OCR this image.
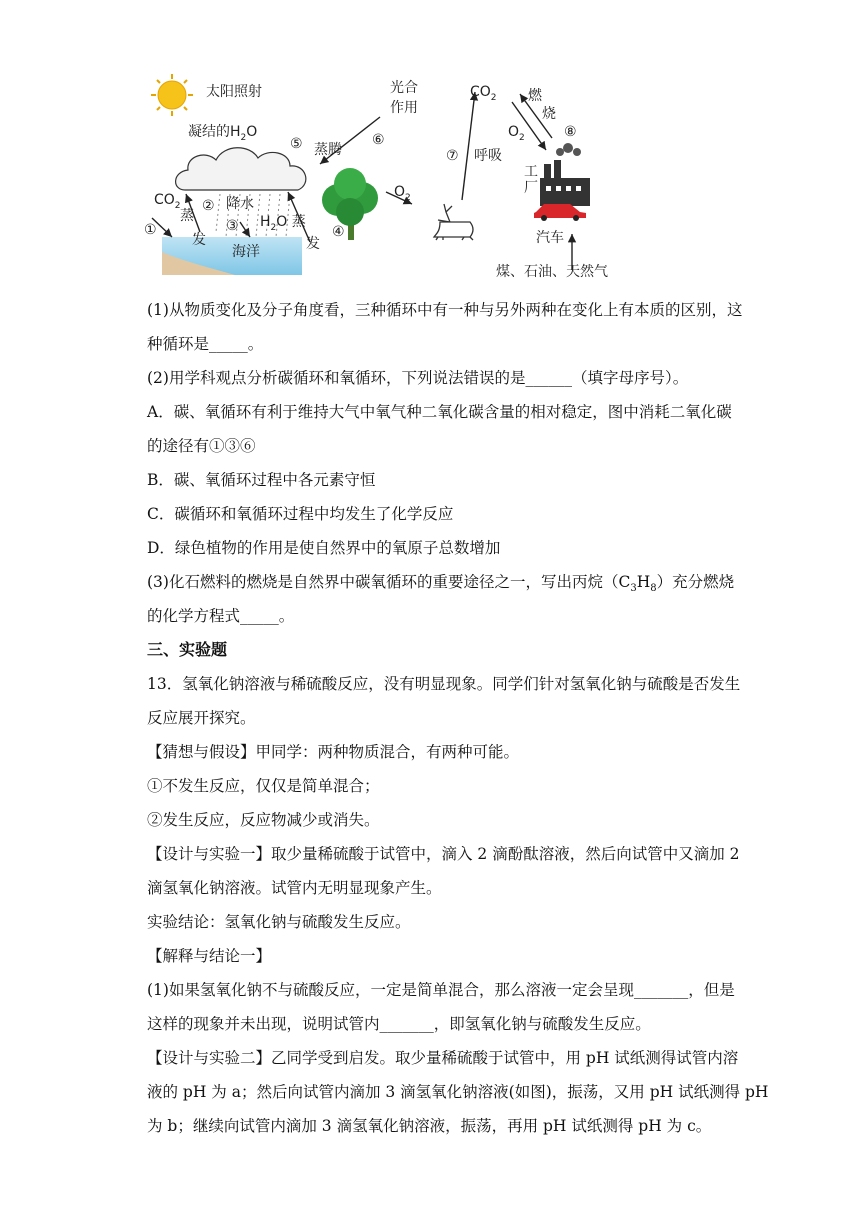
太阳照射
凝结的$H_2O$
⑤ 蒸腾
光合
作用
⑥
$CO_2$ 燃
烧
$O_2$	⑧
⑦ 呼吸
工
厂
$O_2$
汽车
煤、石油、天然气
$CO_2$
蒸
发
② 降水
③ $H_2O$ 蒸
发
④
①
海洋
(1)从物质变化及分子角度看，三种循环中有一种与另外两种在变化上有本质的区别，这
种循环是_____。
(2)用学科观点分析碳循环和氧循环，下列说法错误的是______（填字母序号）。
A．碳、氧循环有利于维持大气中氧气种二氧化碳含量的相对稳定，图中消耗二氧化碳
的途径有①③⑥
B．碳、氧循环过程中各元素守恒
C．碳循环和氧循环过程中均发生了化学反应
D．绿色植物的作用是使自然界中的氧原子总数增加
(3)化石燃料的燃烧是自然界中碳氧循环的重要途径之一，写出丙烷$(C_3H_8)$充分燃烧
的化学方程式_____。
三、实验题
13．氢氧化钠溶液与稀硫酸反应，没有明显现象。同学们针对氢氧化钠与硫酸是否发生
反应展开探究。
【猜想与假设】甲同学：两种物质混合，有两种可能。
①不发生反应，仅仅是简单混合；
②发生反应，反应物减少或消失。
【设计与实验一】取少量稀硫酸于试管中，滴入 2 滴酚酞溶液，然后向试管中又滴加 2
滴氢氧化钠溶液。试管内无明显现象产生。
实验结论：氢氧化钠与硫酸发生反应。
【解释与结论一】
(1)如果氢氧化钠不与硫酸反应，一定是简单混合，那么溶液一定会呈现_______，但是
这样的现象并未出现，说明试管内_______，即氢氧化钠与硫酸发生反应。
【设计与实验二】乙同学受到启发。取少量稀硫酸于试管中，用 pH 试纸测得试管内溶
液的 pH 为 a；然后向试管内滴加 3 滴氢氧化钠溶液(如图)，振荡，又用 pH 试纸测得 pH
为 b；继续向试管内滴加 3 滴氢氧化钠溶液，振荡，再用 pH 试纸测得 pH 为 c。
